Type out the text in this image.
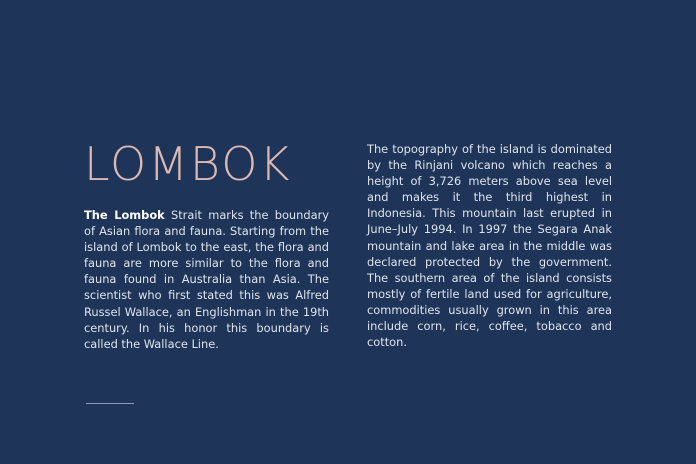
LOMBOK
The Lombok Strait marks the boundary of Asian flora and fauna. Starting from the island of Lombok to the east, the flora and fauna are more similar to the flora and fauna found in Australia than Asia. The scientist who first stated this was Alfred Russel Wallace, an Englishman in the 19th century. In his honor this boundary is called the Wallace Line.
The topography of the island is dominated by the Rinjani volcano which reaches a height of 3,726 meters above sea level and makes it the third highest in Indonesia. This mountain last erupted in June–July 1994. In 1997 the Segara Anak mountain and lake area in the middle was declared protected by the government. The southern area of the island consists mostly of fertile land used for agriculture, commodities usually grown in this area include corn, rice, coffee, tobacco and cotton.
